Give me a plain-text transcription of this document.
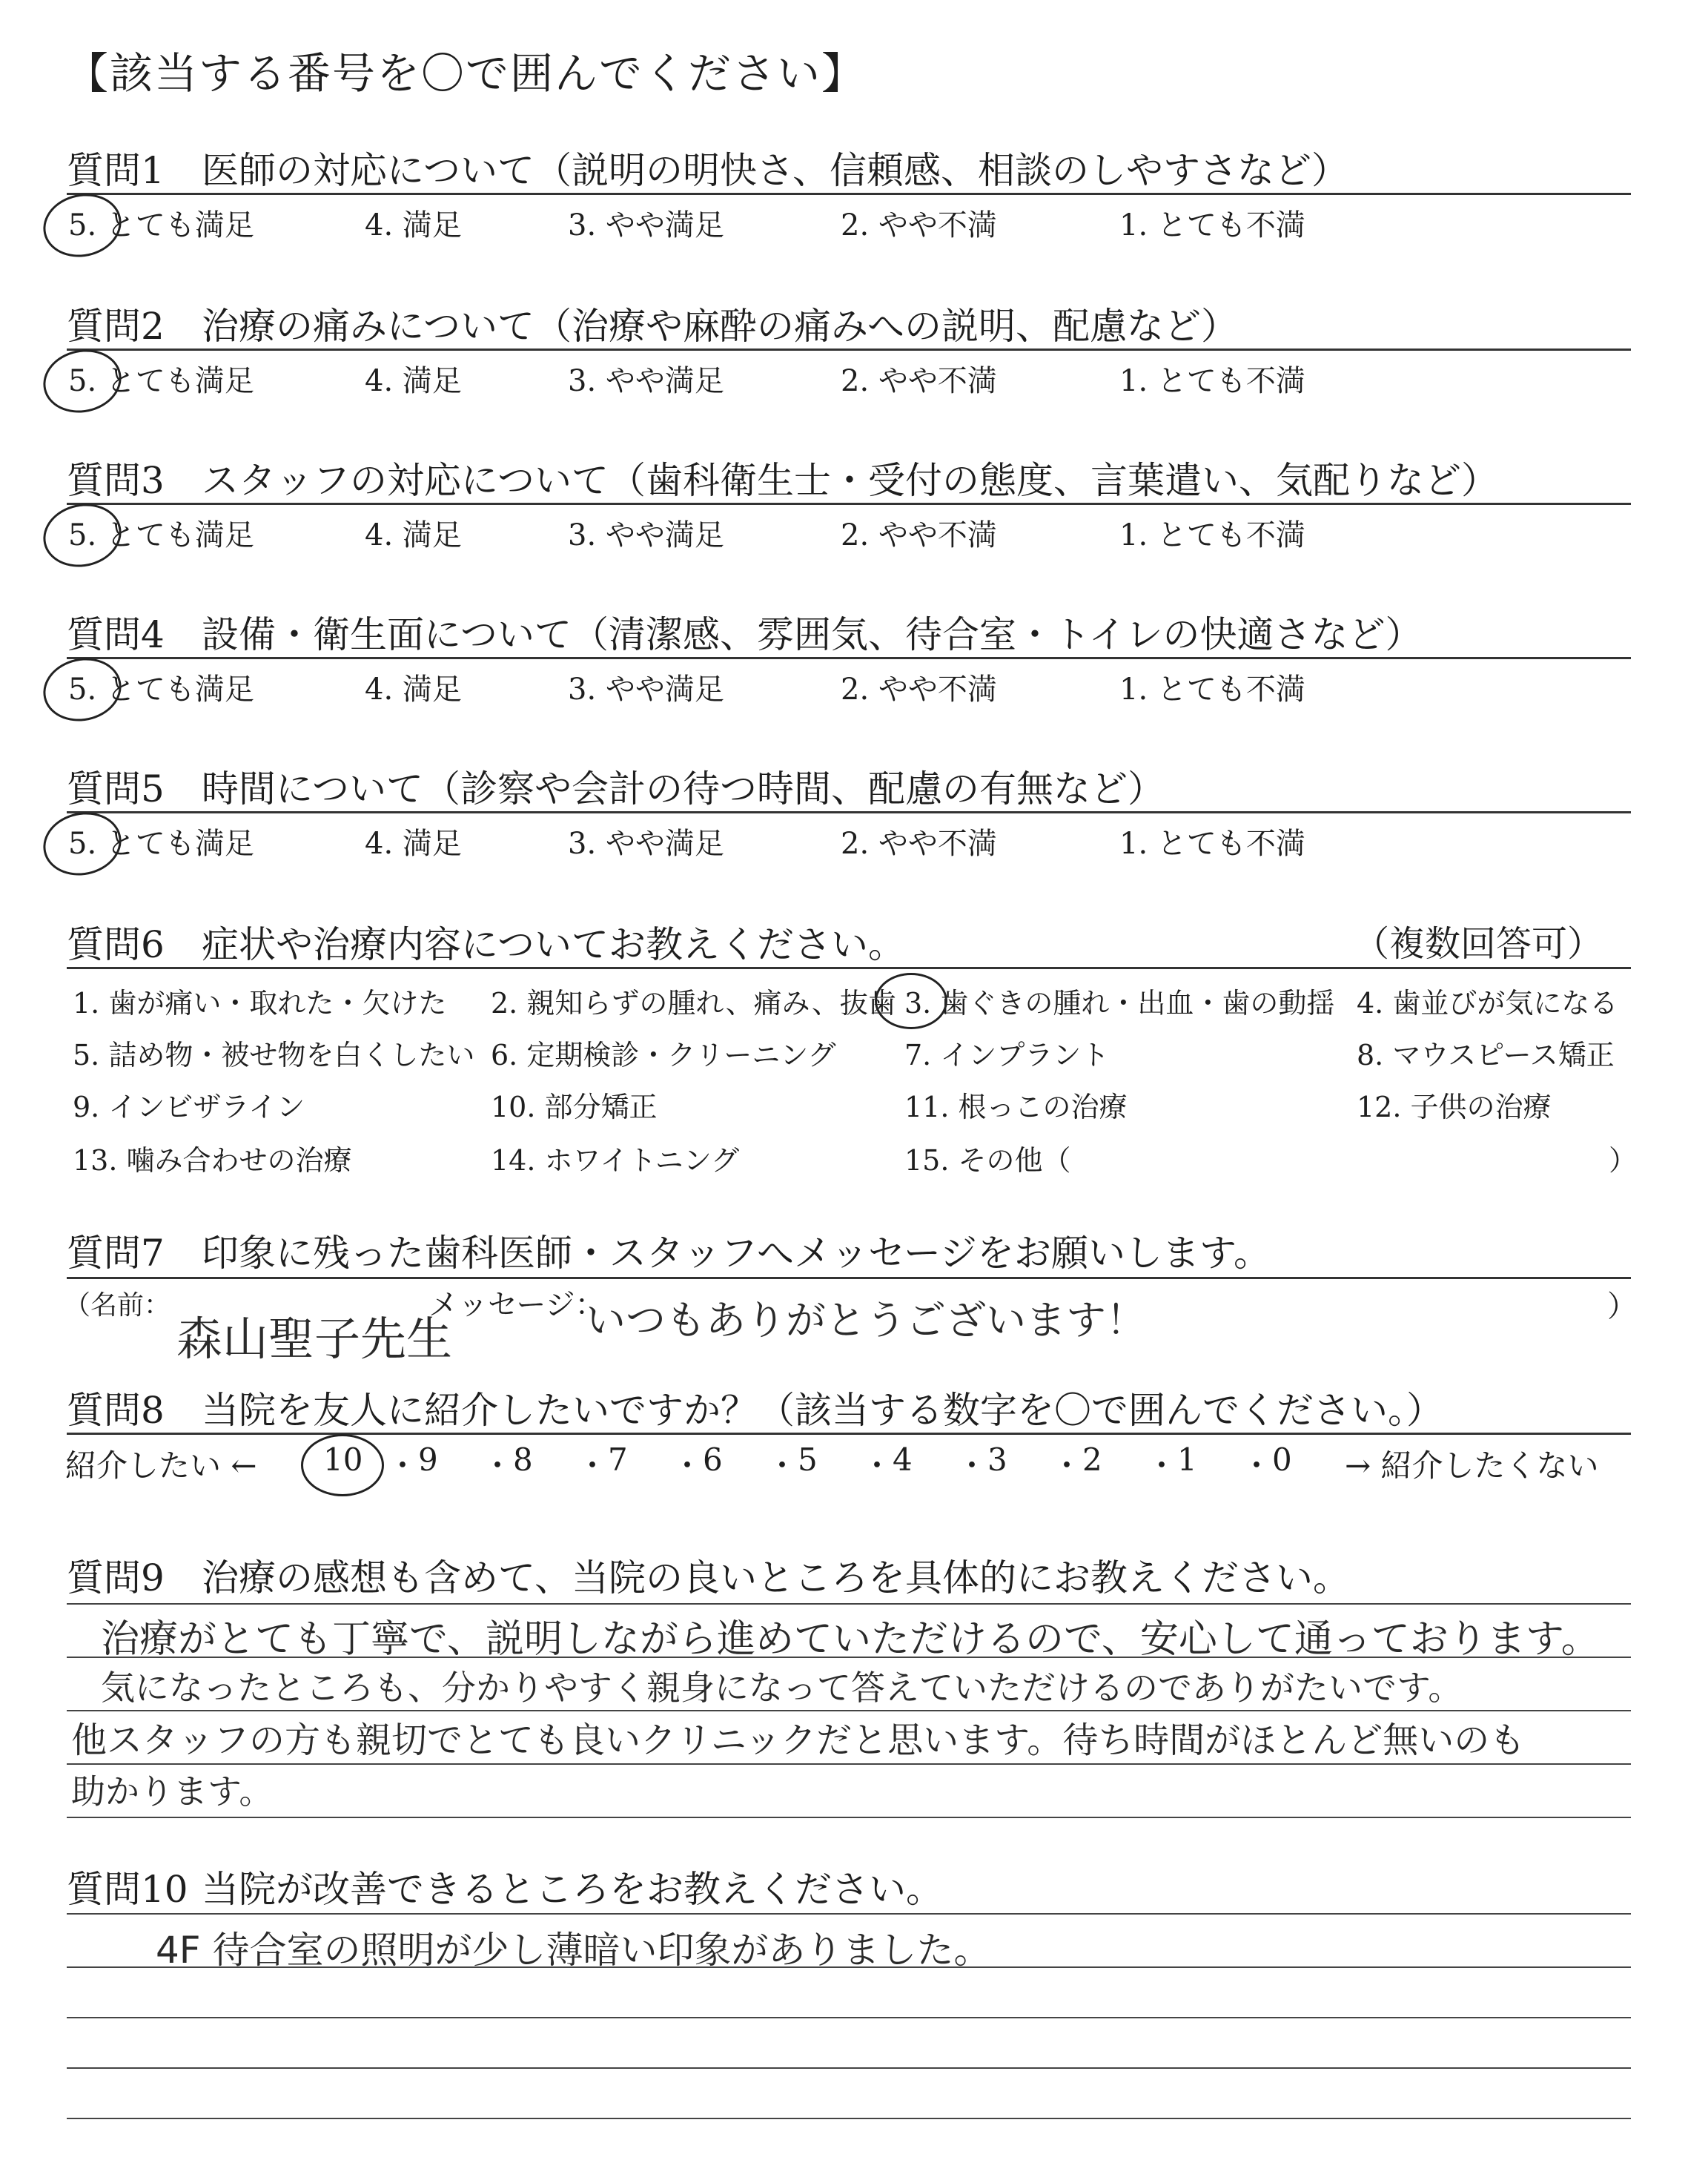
【該当する番号を〇で囲んでください】
質問1 医師の対応について（説明の明快さ、信頼感、相談のしやすさなど）
5. とても満足	4. 満足	3. やや満足	2. やや不満	1. とても不満
質問2 治療の痛みについて（治療や麻酔の痛みへの説明、配慮など）
5. とても満足	4. 満足	3. やや満足	2. やや不満	1. とても不満
質問3 スタッフの対応について（歯科衛生士・受付の態度、言葉遣い、気配りなど）
5. とても満足	4. 満足	3. やや満足	2. やや不満	1. とても不満
質問4 設備・衛生面について（清潔感、雰囲気、待合室・トイレの快適さなど）
5. とても満足	4. 満足	3. やや満足	2. やや不満	1. とても不満
質問5 時間について（診察や会計の待つ時間、配慮の有無など）
5. とても満足	4. 満足	3. やや満足	2. やや不満	1. とても不満
質問6 症状や治療内容についてお教えください。	（複数回答可）
1. 歯が痛い・取れた・欠けた 2. 親知らずの腫れ、痛み、抜歯 3. 歯ぐきの腫れ・出血・歯の動揺 4. 歯並びが気になる
5. 詰め物・被せ物を白くしたい 6. 定期検診・クリーニング 7. インプラント	8. マウスピース矯正
9. インビザライン	10. 部分矯正	11. 根っこの治療	12. 子供の治療
13. 噛み合わせの治療	14. ホワイトニング	15. その他（	）
質問7 印象に残った歯科医師・スタッフへメッセージをお願いします。
（名前：
森山聖子先生
メッセージ：
いつもありがとうございます！	）
質問8 当院を友人に紹介したいですか？（該当する数字を〇で囲んでください。）
紹介したい ← 10 ・ 9 ・ 8 ・ 7 ・ 6 ・ 5 ・ 4 ・ 3 ・ 2 ・ 1 ・ 0 → 紹介したくない
質問9 治療の感想も含めて、当院の良いところを具体的にお教えください。
治療がとても丁寧で、説明しながら進めていただけるので、安心して通っております。
気になったところも、分かりやすく親身になって答えていただけるのでありがたいです。
他スタッフの方も親切でとても良いクリニックだと思います。待ち時間がほとんど無いのも
助かります。
質問10 当院が改善できるところをお教えください。
4F 待合室の照明が少し薄暗い印象がありました。
